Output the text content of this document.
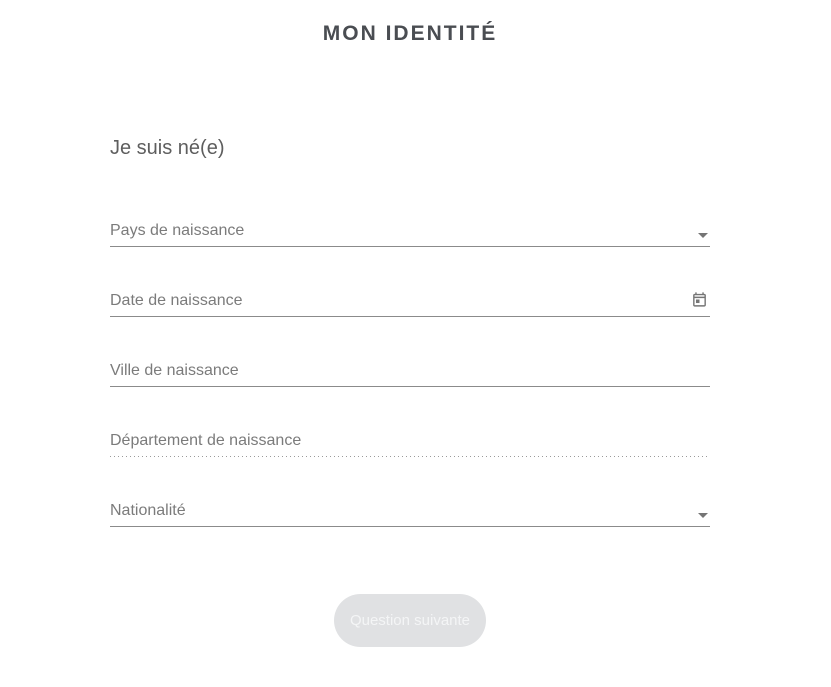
MON IDENTITÉ
Je suis né(e)
Pays de naissance
Date de naissance
Ville de naissance
Département de naissance
Nationalité
Question suivante
